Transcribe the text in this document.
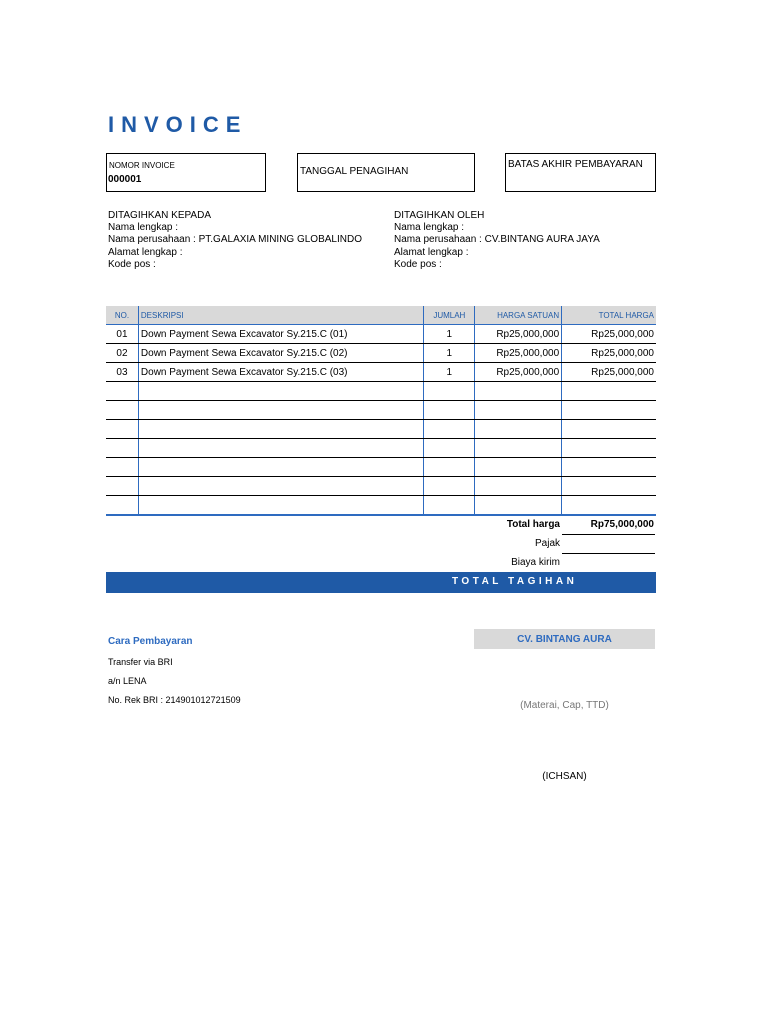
INVOICE
NOMOR INVOICE
000001
TANGGAL PENAGIHAN
BATAS AKHIR PEMBAYARAN
DITAGIHKAN KEPADA
Nama lengkap :
Nama perusahaan : PT.GALAXIA MINING GLOBALINDO
Alamat lengkap :
Kode pos :
DITAGIHKAN OLEH
Nama lengkap :
Nama perusahaan : CV.BINTANG AURA JAYA
Alamat lengkap :
Kode pos :
NO.	DESKRIPSI	JUMLAH	HARGA SATUAN	TOTAL HARGA
01	Down Payment Sewa Excavator Sy.215.C (01)	1	Rp25,000,000	Rp25,000,000
02	Down Payment Sewa Excavator Sy.215.C (02)	1	Rp25,000,000	Rp25,000,000
03	Down Payment Sewa Excavator Sy.215.C (03)	1	Rp25,000,000	Rp25,000,000

Total harga	Rp75,000,000
Pajak
Biaya kirim
TOTAL TAGIHAN
Cara Pembayaran
Transfer via BRI
a/n LENA
No. Rek BRI : 214901012721509
CV. BINTANG AURA
(Materai, Cap, TTD)
(ICHSAN)
